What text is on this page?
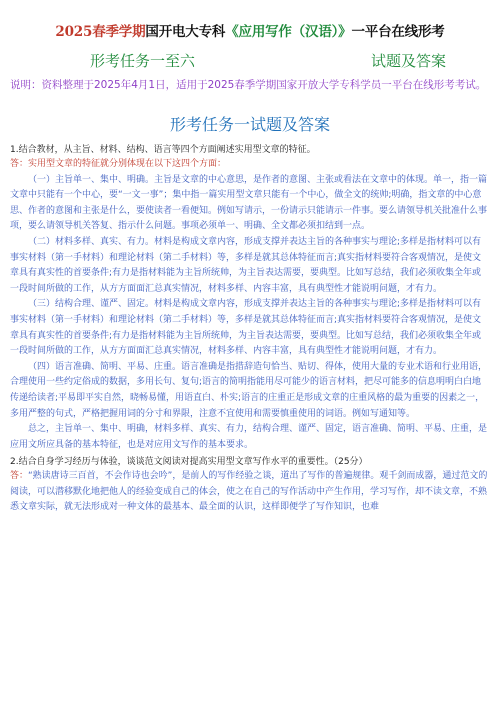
2025春季学期国开电大专科《应用写作（汉语）》一平台在线形考
形考任务一至六	试题及答案
说明：资料整理于2025年4月1日，适用于2025春季学期国家开放大学专科学员一平台在线形考考试。
形考任务一试题及答案
1.结合教材，从主旨、材料、结构、语言等四个方面阐述实用型文章的特征。

答：实用型文章的特征就分别体现在以下这四个方面：

（一）主旨单一、集中、明确。主旨是文章的中心意思，是作者的意图、主张或看法在文章中的体现。单一，指一篇文章中只能有一个中心，要“一文一事”；集中指一篇实用型文章只能有一个中心，做全文的统帅;明确，指文章的中心意思、作者的意图和主张是什么，要使读者一看便知。例如写请示，一份请示只能请示一件事。要么请领导机关批准什么事项，要么请领导机关答复、指示什么问题。事项必须单一、明确、全文都必须扣结到一点。

（二）材料多样、真实、有力。材料是构成文章内容，形成支撑并表达主旨的各种事实与理论;多样是指材料可以有事实材料（第一手材料）和理论材料（第二手材料）等，多样是就其总体特征而言;真实指材料要符合客观情况，是使文章具有真实性的首要条件;有力是指材料能为主旨所统帅，为主旨表达需要，要典型。比如写总结，我们必须收集全年或一段时间所做的工作，从方方面面汇总真实情况，材料多样、内容丰富，具有典型性才能说明问题，才有力。

（三）结构合理、谨严、固定。材料是构成文章内容，形成支撑并表达主旨的各种事实与理论;多样是指材料可以有事实材料（第一手材料）和理论材料（第二手材料）等，多样是就其总体特征而言;真实指材料要符合客观情况，是使文章具有真实性的首要条件;有力是指材料能为主旨所统帅，为主旨表达需要，要典型。比如写总结，我们必须收集全年或一段时间所做的工作，从方方面面汇总真实情况，材料多样、内容丰富，具有典型性才能说明问题，才有力。

（四）语言准确、简明、平易、庄重。语言准确是指措辞造句恰当、贴切、得体，使用大量的专业术语和行业用语，合理使用一些约定俗成的数据，多用长句、复句;语言的简明指能用尽可能少的语言材料，把尽可能多的信息明明白白地传递给读者;平易即平实自然，晓畅易懂，用语直白、朴实;语言的庄重正是形成文章的庄重风格的最为重要的因素之一，多用严整的句式，严格把握用词的分寸和界限，注意不宜使用和需要慎重使用的词语。例如写通知等。

总之，主旨单一、集中、明确，材料多样、真实、有力，结构合理、谨严、固定，语言准确、简明、平易、庄重，是应用文所应具备的基本特征，也是对应用文写作的基本要求。

2.结合自身学习经历与体验，谈谈范文阅读对提高实用型文章写作水平的重要性。（25分）

答：“熟读唐诗三百首，不会作诗也会吟”，是前人的写作经验之谈，道出了写作的普遍规律。观千剑而成器，通过范文的阅读，可以潜移默化地把他人的经验变成自己的体会，使之在自己的写作活动中产生作用，学习写作，却不读文章，不熟悉文章实际，就无法形成对一种文体的最基本、最全面的认识，这样即便学了写作知识，也难
